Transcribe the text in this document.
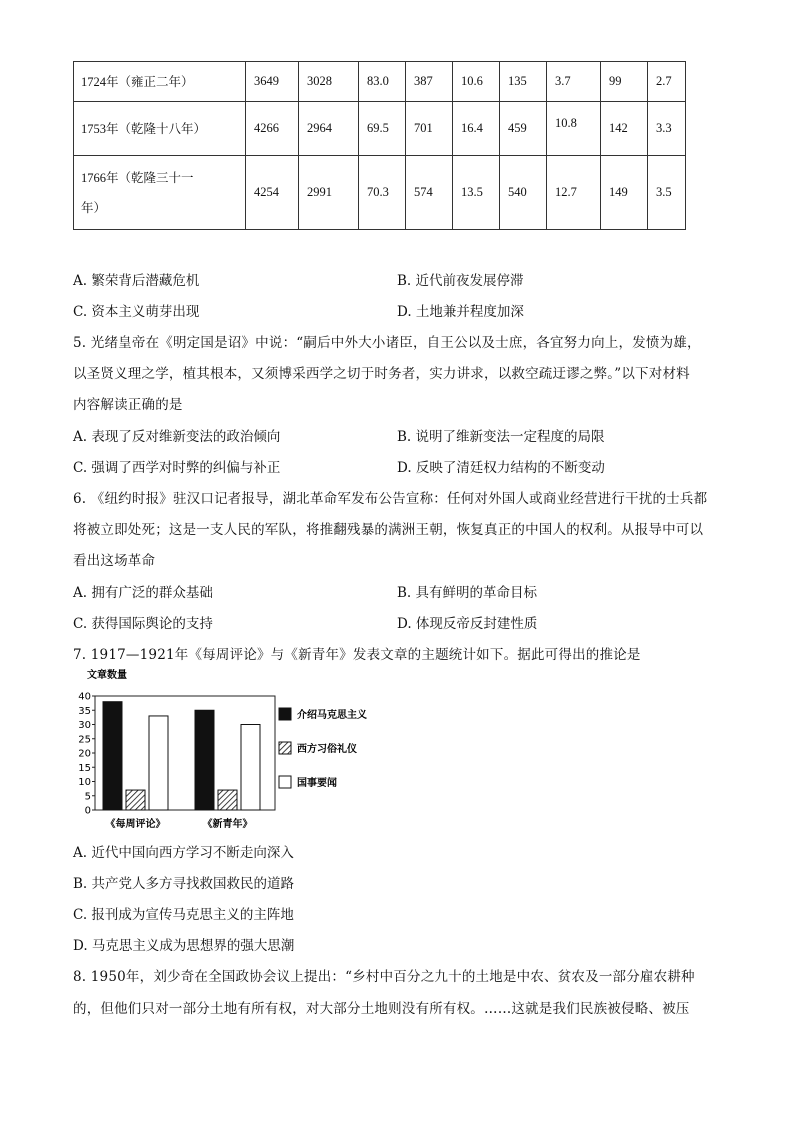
1724年（雍正二年）	3649	3028	83.0	387	10.6	135	3.7	99	2.7
1753年（乾隆十八年）	4266	2964	69.5	701	16.4	459	10.8	142	3.3

1766年（乾隆三十一
年）	4254	2991	70.3	574	13.5	540	12.7	149	3.5
A. 繁荣背后潜藏危机	B. 近代前夜发展停滞
C. 资本主义萌芽出现	D. 土地兼并程度加深
5. 光绪皇帝在《明定国是诏》中说：“嗣后中外大小诸臣，自王公以及士庶，各宜努力向上，发愤为雄，
以圣贤义理之学，植其根本，又须博采西学之切于时务者，实力讲求，以救空疏迂谬之弊。”以下对材料
内容解读正确的是
A. 表现了反对维新变法的政治倾向	B. 说明了维新变法一定程度的局限
C. 强调了西学对时弊的纠偏与补正	D. 反映了清廷权力结构的不断变动
6. 《纽约时报》驻汉口记者报导，湖北革命军发布公告宣称：任何对外国人或商业经营进行干扰的士兵都
将被立即处死；这是一支人民的军队，将推翻残暴的满洲王朝，恢复真正的中国人的权利。从报导中可以
看出这场革命
A. 拥有广泛的群众基础	B. 具有鲜明的革命目标
C. 获得国际舆论的支持	D. 体现反帝反封建性质
7. 1917—1921年《每周评论》与《新青年》发表文章的主题统计如下。据此可得出的推论是
文章数量
0
5
10
15
20
25
30
35
40
《每周评论》	《新青年》
介绍马克思主义
西方习俗礼仪
国事要闻
A. 近代中国向西方学习不断走向深入
B. 共产党人多方寻找救国救民的道路
C. 报刊成为宣传马克思主义的主阵地
D. 马克思主义成为思想界的强大思潮
8. 1950年，刘少奇在全国政协会议上提出：“乡村中百分之九十的土地是中农、贫农及一部分雇农耕种
的，但他们只对一部分土地有所有权，对大部分土地则没有所有权。……这就是我们民族被侵略、被压
